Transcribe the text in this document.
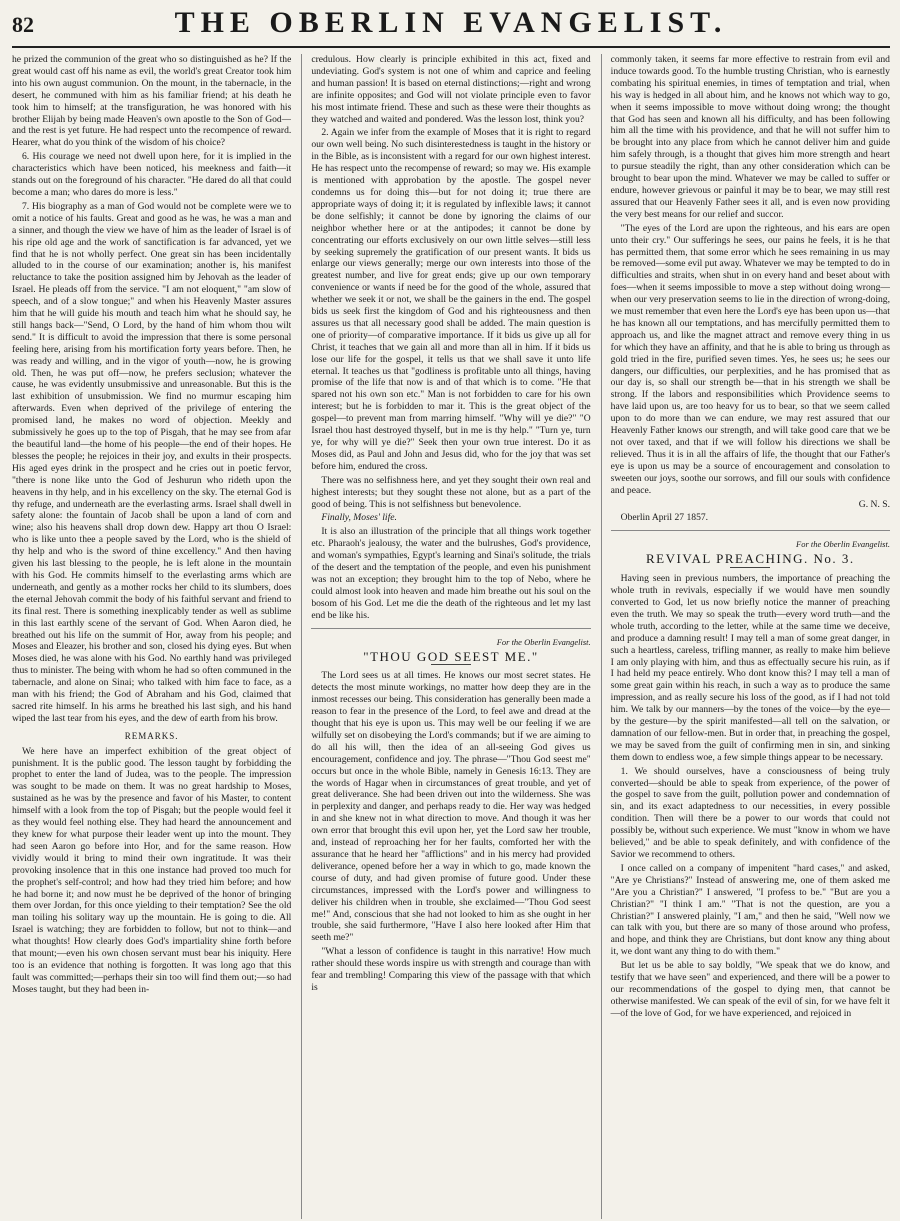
82	THE OBERLIN EVANGELIST.

he prized the communion of the great who so distinguished as he? If the great would cast off his name as evil, the world's great Creator took him into his own august communion. On the mount, in the tabernacle, in the desert, he communed with him as his familiar friend; at his death he took him to himself; at the transfiguration, he was honored with his brother Elijah by being made Heaven's own apostle to the Son of God—and the rest is yet future. He had respect unto the recompence of reward. Hearer, what do you think of the wisdom of his choice?

6. His courage we need not dwell upon here, for it is implied in the characteristics which have been noticed, his meekness and faith—it stands out on the foreground of his character. "He dared do all that could become a man; who dares do more is less."

7. His biography as a man of God would not be complete were we to omit a notice of his faults. Great and good as he was, he was a man and a sinner, and though the view we have of him as the leader of Israel is of his ripe old age and the work of sanctification is far advanced, yet we find that he is not wholly perfect. One great sin has been incidentally alluded to in the course of our examination; another is, his manifest reluctance to take the position assigned him by Jehovah as the leader of Israel. He pleads off from the service. "I am not eloquent," "am slow of speech, and of a slow tongue;" and when his Heavenly Master assures him that he will guide his mouth and teach him what he should say, he still hangs back—"Send, O Lord, by the hand of him whom thou wilt send." It is difficult to avoid the impression that there is some personal feeling here, arising from his mortification forty years before. Then, he was ready and willing, and in the vigor of youth—now, he is growing old. Then, he was put off—now, he prefers seclusion; whatever the cause, he was evidently unsubmissive and unreasonable. But this is the last exhibition of unsubmission. We find no murmur escaping him afterwards. Even when deprived of the privilege of entering the promised land, he makes no word of objection. Meekly and submissively he goes up to the top of Pisgah, that he may see from afar the beautiful land—the home of his people—the end of their hopes. He blesses the people; he rejoices in their joy, and exults in their prospects. His aged eyes drink in the prospect and he cries out in poetic fervor, "there is none like unto the God of Jeshurun who rideth upon the heavens in thy help, and in his excellency on the sky. The eternal God is thy refuge, and underneath are the everlasting arms. Israel shall dwell in safety alone: the fountain of Jacob shall be upon a land of corn and wine; also his heavens shall drop down dew. Happy art thou O Israel: who is like unto thee a people saved by the Lord, who is the shield of thy help and who is the sword of thine excellency." And then having given his last blessing to the people, he is left alone in the mountain with his God. He commits himself to the everlasting arms which are underneath, and gently as a mother rocks her child to its slumbers, does the eternal Jehovah commit the body of his faithful servant and friend to its final rest. There is something inexplicably tender as well as sublime in this last earthly scene of the servant of God. When Aaron died, he breathed out his life on the summit of Hor, away from his people; and Moses and Eleazer, his brother and son, closed his dying eyes. But when Moses died, he was alone with his God. No earthly hand was privileged thus to minister. The being with whom he had so often communed in the tabernacle, and alone on Sinai; who talked with him face to face, as a man with his friend; the God of Abraham and his God, claimed that sacred rite himself. In his arms he breathed his last sigh, and his hand wiped the last tear from his eyes, and the dew of earth from his brow.

REMARKS.

We here have an imperfect exhibition of the great object of punishment. It is the public good. The lesson taught by forbidding the prophet to enter the land of Judea, was to the people. The impression was sought to be made on them. It was no great hardship to Moses, sustained as he was by the presence and favor of his Master, to content himself with a look from the top of Pisgah; but the people would feel it as they would feel nothing else. They had heard the announcement and they knew for what purpose their leader went up into the mount. They had seen Aaron go before into Hor, and for the same reason. How vividly would it bring to mind their own ingratitude. It was their provoking insolence that in this one instance had proved too much for the prophet's self-control; and how had they tried him before; and how he had borne it; and now must he be deprived of the honor of bringing them over Jordan, for this once yielding to their temptation? See the old man toiling his solitary way up the mountain. He is going to die. All Israel is watching; they are forbidden to follow, but not to think—and what thoughts! How clearly does God's impartiality shine forth before that mount;—even his own chosen servant must bear his iniquity. Here too is an evidence that nothing is forgotten. It was long ago that this fault was committed;—perhaps their sin too will find them out;—so had Moses taught, but they had been in-

credulous. How clearly is principle exhibited in this act, fixed and undeviating. God's system is not one of whim and caprice and feeling and human passion! It is based on eternal distinctions;—right and wrong are infinite opposites; and God will not violate principle even to favor his most intimate friend. These and such as these were their thoughts as they watched and waited and pondered. Was the lesson lost, think you?

2. Again we infer from the example of Moses that it is right to regard our own well being. No such disinterestedness is taught in the history or in the Bible, as is inconsistent with a regard for our own highest interest. He has respect unto the recompense of reward; so may we. His example is mentioned with approbation by the apostle. The gospel never condemns us for doing this—but for not doing it; true there are appropriate ways of doing it; it is regulated by inflexible laws; it cannot be done selfishly; it cannot be done by ignoring the claims of our neighbor whether here or at the antipodes; it cannot be done by concentrating our efforts exclusively on our own little selves—still less by seeking supremely the gratification of our present wants. It bids us enlarge our views generally; merge our own interests into those of the greatest number, and live for great ends; give up our own temporary convenience or wants if need be for the good of the whole, assured that whether we seek it or not, we shall be the gainers in the end. The gospel bids us seek first the kingdom of God and his righteousness and then assures us that all necessary good shall be added. The main question is one of priority—of comparative importance. If it bids us give up all for Christ, it teaches that we gain all and more than all in him. If it bids us lose our life for the gospel, it tells us that we shall save it unto life eternal. It teaches us that "godliness is profitable unto all things, having promise of the life that now is and of that which is to come. "He that spared not his own son etc." Man is not forbidden to care for his own interest; but he is forbidden to mar it. This is the great object of the gospel—to prevent man from marring himself. "Why will ye die?" "O Israel thou hast destroyed thyself, but in me is thy help." "Turn ye, turn ye, for why will ye die?" Seek then your own true interest. Do it as Moses did, as Paul and John and Jesus did, who for the joy that was set before him, endured the cross.

There was no selfishness here, and yet they sought their own real and highest interests; but they sought these not alone, but as a part of the good of being. This is not selfishness but benevolence.

Finally, Moses' life.

It is also an illustration of the principle that all things work together etc. Pharaoh's jealousy, the water and the bulrushes, God's providence, and woman's sympathies, Egypt's learning and Sinai's solitude, the trials of the desert and the temptation of the people, and even his punishment was not an exception; they brought him to the top of Nebo, where he could almost look into heaven and made him breathe out his soul on the bosom of his God. Let me die the death of the righteous and let my last end be like his.

For the Oberlin Evangelist.
"THOU GOD SEEST ME."

The Lord sees us at all times. He knows our most secret states. He detects the most minute workings, no matter how deep they are in the inmost recesses our being. This consideration has generally been made a reason to fear in the presence of the Lord, to feel awe and dread at the thought that his eye is upon us. This may well be our feeling if we are wilfully set on disobeying the Lord's commands; but if we are aiming to do all his will, then the idea of an all-seeing God gives us encouragement, confidence and joy. The phrase—"Thou God seest me" occurs but once in the whole Bible, namely in Genesis 16:13. They are the words of Hagar when in circumstances of great trouble, and yet of great deliverance. She had been driven out into the wilderness. She was in perplexity and danger, and perhaps ready to die. Her way was hedged in and she knew not in what direction to move. And though it was her own error that brought this evil upon her, yet the Lord saw her trouble, and, instead of reproaching her for her faults, comforted her with the assurance that he heard her "afflictions" and in his mercy had provided deliverance, opened before her a way in which to go, made known the course of duty, and had given promise of future good. Under these circumstances, impressed with the Lord's power and willingness to deliver his children when in trouble, she exclaimed—"Thou God seest me!" And, conscious that she had not looked to him as she ought in her trouble, she said furthermore, "Have I also here looked after Him that seeth me?"

"What a lesson of confidence is taught in this narrative! How much rather should these words inspire us with strength and courage than with fear and trembling! Comparing this view of the passage with that which is

commonly taken, it seems far more effective to restrain from evil and induce towards good. To the humble trusting Christian, who is earnestly combating his spiritual enemies, in times of temptation and trial, when his way is hedged in all about him, and he knows not which way to go, when it seems impossible to move without doing wrong; the thought that God has seen and known all his difficulty, and has been following him all the time with his providence, and that he will not suffer him to be brought into any place from which he cannot deliver him and guide him safely through, is a thought that gives him more strength and heart to pursue steadily the right, than any other consideration which can be brought to bear upon the mind. Whatever we may be called to suffer or endure, however grievous or painful it may be to bear, we may still rest assured that our Heavenly Father sees it all, and is even now providing the very best means for our relief and succor.

"The eyes of the Lord are upon the righteous, and his ears are open unto their cry." Our sufferings he sees, our pains he feels, it is he that has permitted them, that some error which he sees remaining in us may be removed—some evil put away. Whatever we may be tempted to do in difficulties and straits, when shut in on every hand and beset about with foes—when it seems impossible to move a step without doing wrong—when our very preservation seems to lie in the direction of wrong-doing, we must remember that even here the Lord's eye has been upon us—that he has known all our temptations, and has mercifully permitted them to approach us, and like the magnet attract and remove every thing in us for which they have an affinity, and that he is able to bring us through as gold tried in the fire, purified seven times. Yes, he sees us; he sees our dangers, our difficulties, our perplexities, and he has promised that as our day is, so shall our strength be—that in his strength we shall be strong. If the labors and responsibilities which Providence seems to have laid upon us, are too heavy for us to bear, so that we seem called upon to do more than we can endure, we may rest assured that our Heavenly Father knows our strength, and will take good care that we be not over taxed, and that if we will follow his directions we shall be relieved. Thus it is in all the affairs of life, the thought that our Father's eye is upon us may be a source of encouragement and consolation to sweeten our joys, soothe our sorrows, and fill our souls with confidence and peace.

G. N. S.

Oberlin April 27 1857.

For the Oberlin Evangelist.
REVIVAL PREACHING. No. 3.

Having seen in previous numbers, the importance of preaching the whole truth in revivals, especially if we would have men soundly converted to God, let us now briefly notice the manner of preaching even the truth. We may so speak the truth—every word truth—and the whole truth, according to the letter, while at the same time we deceive, and produce a damning result! I may tell a man of some great danger, in such a heartless, careless, trifling manner, as really to make him believe I am only playing with him, and thus as effectually secure his ruin, as if I had held my peace entirely. Who dont know this? I may tell a man of some great gain within his reach, in such a way as to produce the same impression, and as really secure his loss of the good, as if I had not told him. We talk by our manners—by the tones of the voice—by the eye—by the gesture—by the spirit manifested—all tell on the salvation, or damnation of our fellow-men. But in order that, in preaching the gospel, we may be saved from the guilt of confirming men in sin, and sinking them down to endless woe, a few simple things appear to be necessary.

1. We should ourselves, have a consciousness of being truly converted—should be able to speak from experience, of the power of the gospel to save from the guilt, pollution power and condemnation of sin, and its exact adaptedness to our necessities, in every possible condition. Then will there be a power to our words that could not possibly be, without such experience. We must "know in whom we have believed," and be able to speak definitely, and with confidence of the Savior we recommend to others.

I once called on a company of impenitent "hard cases," and asked, "Are ye Christians?" Instead of answering me, one of them asked me "Are you a Christian?" I answered, "I profess to be." "But are you a Christian?" "I think I am." "That is not the question, are you a Christian?" I answered plainly, "I am," and then he said, "Well now we can talk with you, but there are so many of those around who profess, and hope, and think they are Christians, but dont know any thing about it, we dont want any thing to do with them."

But let us be able to say boldly, "We speak that we do know, and testify that we have seen" and experienced, and there will be a power to our recommendations of the gospel to dying men, that cannot be otherwise manifested. We can speak of the evil of sin, for we have felt it—of the love of God, for we have experienced, and rejoiced in
